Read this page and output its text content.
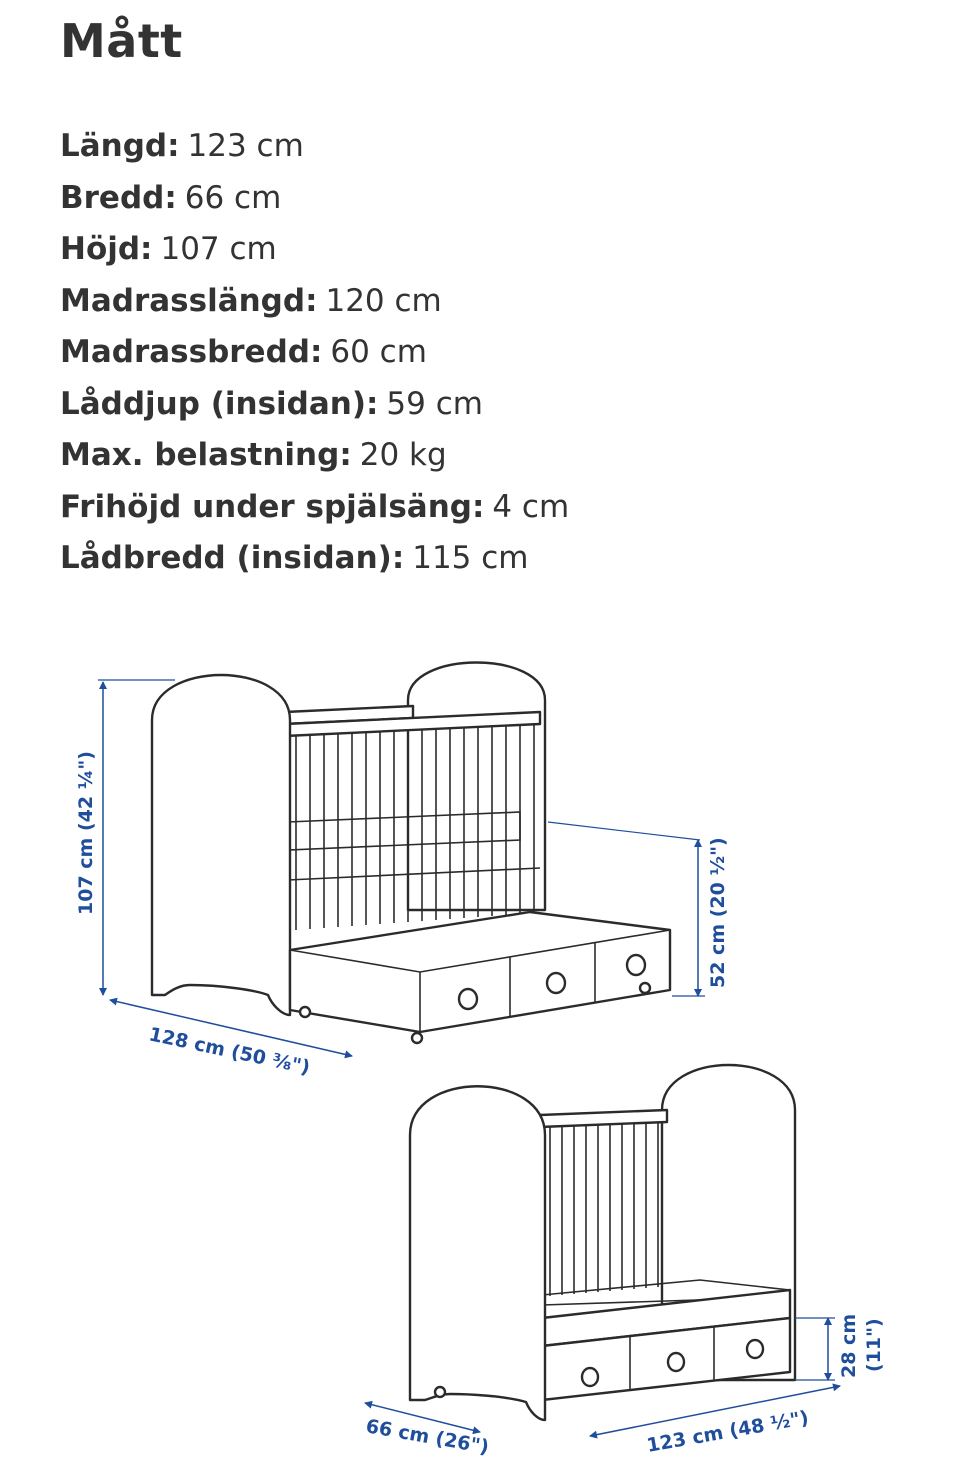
Mått
Längd: 123 cm
Bredd: 66 cm
Höjd: 107 cm
Madrasslängd: 120 cm
Madrassbredd: 60 cm
Låddjup (insidan): 59 cm
Max. belastning: 20 kg
Frihöjd under spjälsäng: 4 cm
Lådbredd (insidan): 115 cm
107 cm (42 ¼")	52 cm (20 ½")
128 cm (50 ⅜")
28 cm (11")
66 cm (26")	123 cm (48 ½")
